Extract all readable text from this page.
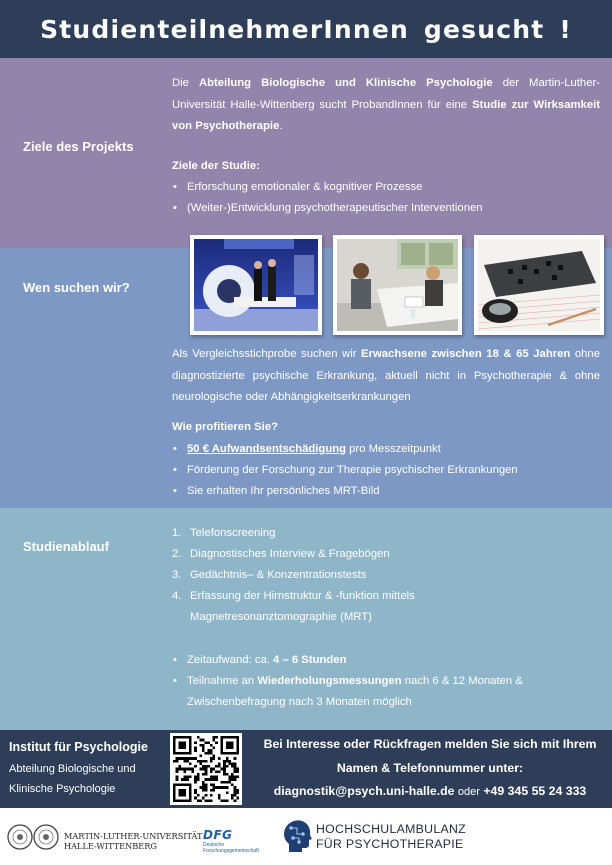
StudienteilnehmerInnen gesucht !
Ziele des Projekts

Die Abteilung Biologische und Klinische Psychologie der Martin-Luther-Universität Halle-Wittenberg sucht ProbandInnen für eine Studie zur Wirksamkeit von Psychotherapie.

Ziele der Studie:
• Erforschung emotionaler & kognitiver Prozesse
• (Weiter-)Entwicklung psychotherapeutischer Interventionen
Wen suchen wir?

Als Vergleichsstichprobe suchen wir Erwachsene zwischen 18 & 65 Jahren ohne diagnostizierte psychische Erkrankung, aktuell nicht in Psychotherapie & ohne neurologische oder Abhängigkeitserkrankungen

Wie profitieren Sie?
• 50 € Aufwandsentschädigung pro Messzeitpunkt
• Förderung der Forschung zur Therapie psychischer Erkrankungen
• Sie erhalten Ihr persönliches MRT-Bild
Studienablauf
1. Telefonscreening
2. Diagnostisches Interview & Fragebögen
3. Gedächtnis– & Konzentrationstests
4. Erfassung der Hirnstruktur & -funktion mittels
Magnetresonanztomographie (MRT)
• Zeitaufwand: ca. 4 – 6 Stunden
• Teilnahme an Wiederholungsmessungen nach 6 & 12 Monaten &
Zwischenbefragung nach 3 Monaten möglich
Institut für Psychologie
Abteilung Biologische und
Klinische Psychologie
Bei Interesse oder Rückfragen melden Sie sich mit Ihrem
Namen & Telefonnummer unter:
diagnostik@psych.uni-halle.de oder +49 345 55 24 333
MARTIN-LUTHER-UNIVERSITÄT
HALLE-WITTENBERG
DFG
Deutsche
Forschungsgemeinschaft
HOCHSCHULAMBULANZ
FÜR PSYCHOTHERAPIE
